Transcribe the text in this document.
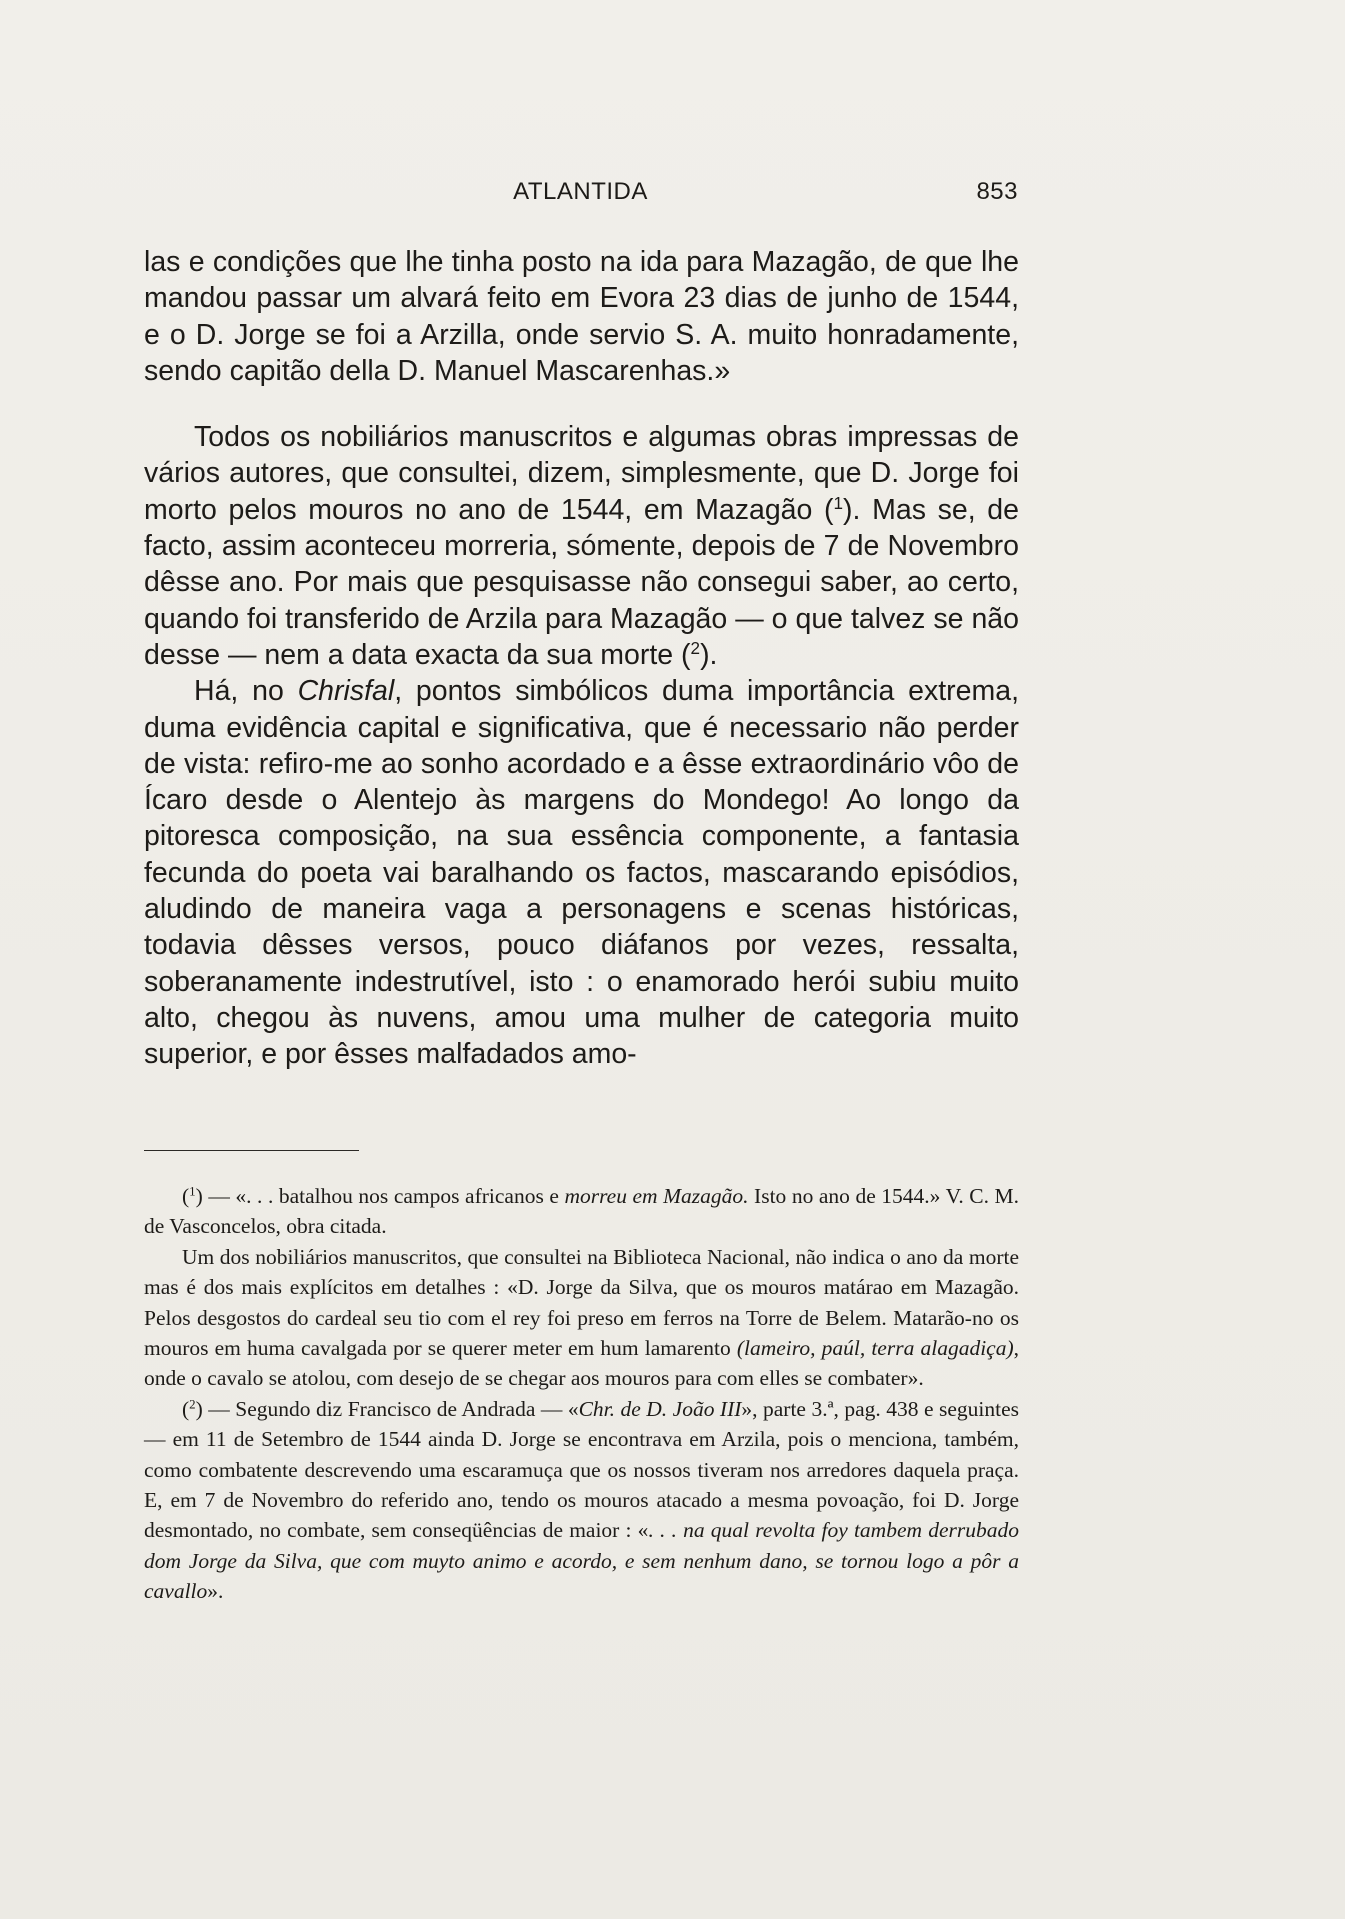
ATLANTIDA	853

las e condições que lhe tinha posto na ida para Mazagão, de que lhe mandou passar um alvará feito em Evora 23 dias de junho de 1544, e o D. Jorge se foi a Arzilla, onde servio S. A. muito honradamente, sendo capitão della D. Manuel Mascarenhas.»

Todos os nobiliários manuscritos e algumas obras impressas de vários autores, que consultei, dizem, simplesmente, que D. Jorge foi morto pelos mouros no ano de 1544, em Mazagão ($^1$). Mas se, de facto, assim aconteceu morreria, sómente, depois de 7 de Novembro dêsse ano. Por mais que pesquisasse não consegui saber, ao certo, quando foi transferido de Arzila para Mazagão — o que talvez se não desse — nem a data exacta da sua morte ($^2$).

Há, no Chrisfal, pontos simbólicos duma importância extrema, duma evidência capital e significativa, que é necessario não perder de vista: refiro-me ao sonho acordado e a êsse extraordinário vôo de Ícaro desde o Alentejo às margens do Mondego! Ao longo da pitoresca composição, na sua essência componente, a fantasia fecunda do poeta vai baralhando os factos, mascarando episódios, aludindo de maneira vaga a personagens e scenas históricas, todavia dêsses versos, pouco diáfanos por vezes, ressalta, soberanamente indestrutível, isto : o enamorado herói subiu muito alto, chegou às nuvens, amou uma mulher de categoria muito superior, e por êsses malfadados amo-

($^1$) — «. . . batalhou nos campos africanos e morreu em Mazagão. Isto no ano de 1544.» V. C. M. de Vasconcelos, obra citada.

Um dos nobiliários manuscritos, que consultei na Biblioteca Nacional, não indica o ano da morte mas é dos mais explícitos em detalhes : «D. Jorge da Silva, que os mouros matárao em Mazagão. Pelos desgostos do cardeal seu tio com el rey foi preso em ferros na Torre de Belem. Matarão-no os mouros em huma cavalgada por se querer meter em hum lamarento (lameiro, paúl, terra alagadiça), onde o cavalo se atolou, com desejo de se chegar aos mouros para com elles se combater».

($^2$) — Segundo diz Francisco de Andrada — «Chr. de D. João III», parte 3.ª, pag. 438 e seguintes — em 11 de Setembro de 1544 ainda D. Jorge se encontrava em Arzila, pois o menciona, também, como combatente descrevendo uma escaramuça que os nossos tiveram nos arredores daquela praça. E, em 7 de Novembro do referido ano, tendo os mouros atacado a mesma povoação, foi D. Jorge desmontado, no combate, sem conseqüências de maior : «. . . na qual revolta foy tambem derrubado dom Jorge da Silva, que com muyto animo e acordo, e sem nenhum dano, se tornou logo a pôr a cavallo».
